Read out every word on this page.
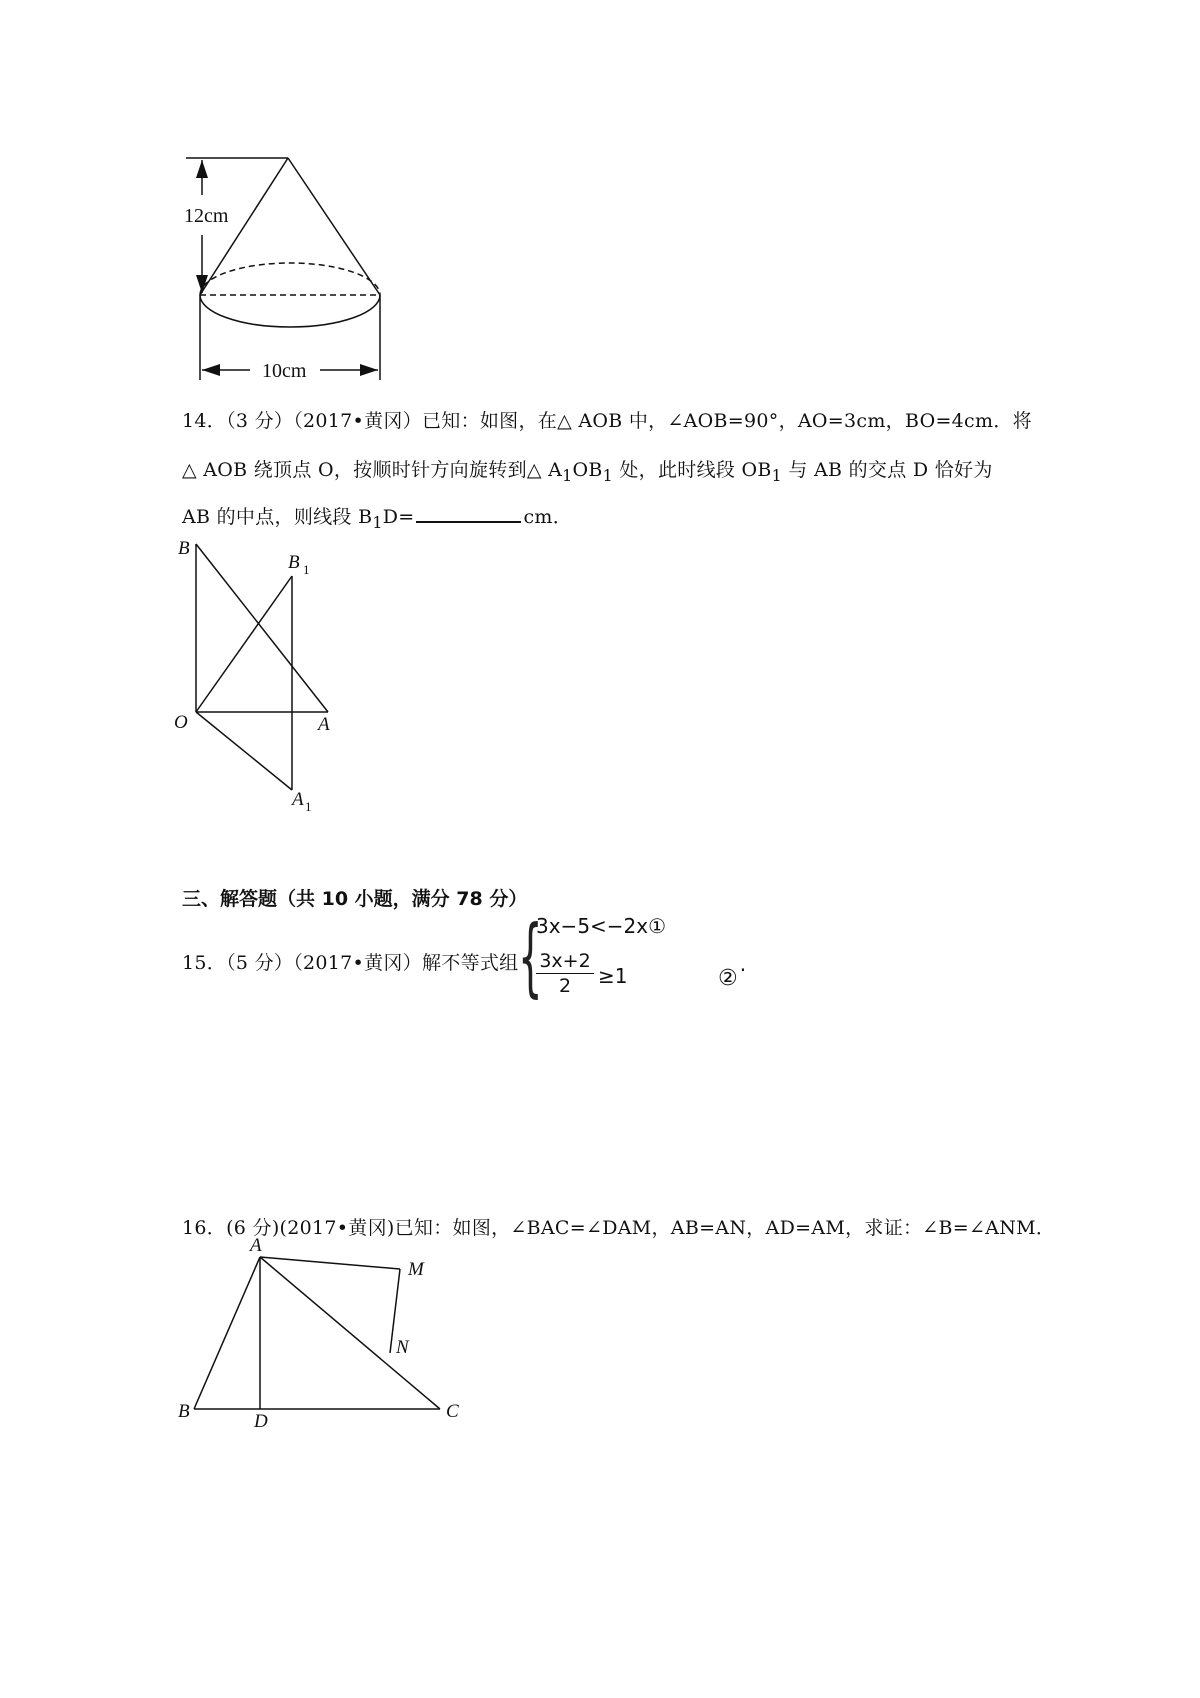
12cm
10cm
14．（3 分）（2017•黄冈）已知：如图，在△ AOB 中，∠AOB=90°，AO=3cm，BO=4cm．将
△ AOB 绕顶点 O，按顺时针方向旋转到△ $A_1OB_1$ 处，此时线段 $OB_1$ 与 AB 的交点 D 恰好为
AB 的中点，则线段 $B_1D=$	cm．
B
B 1
O	A
A 1
三、解答题（共 10 小题，满分 78 分）
15．（5 分）（2017•黄冈）解不等式组 {
3x−5<−2x①
$\frac{3x+2}{2} \ge 1$	②.
16．(6 分)(2017•黄冈)已知：如图，∠BAC=∠DAM，AB=AN，AD=AM，求证：∠B=∠ANM．
A
M
N
B	D	C
